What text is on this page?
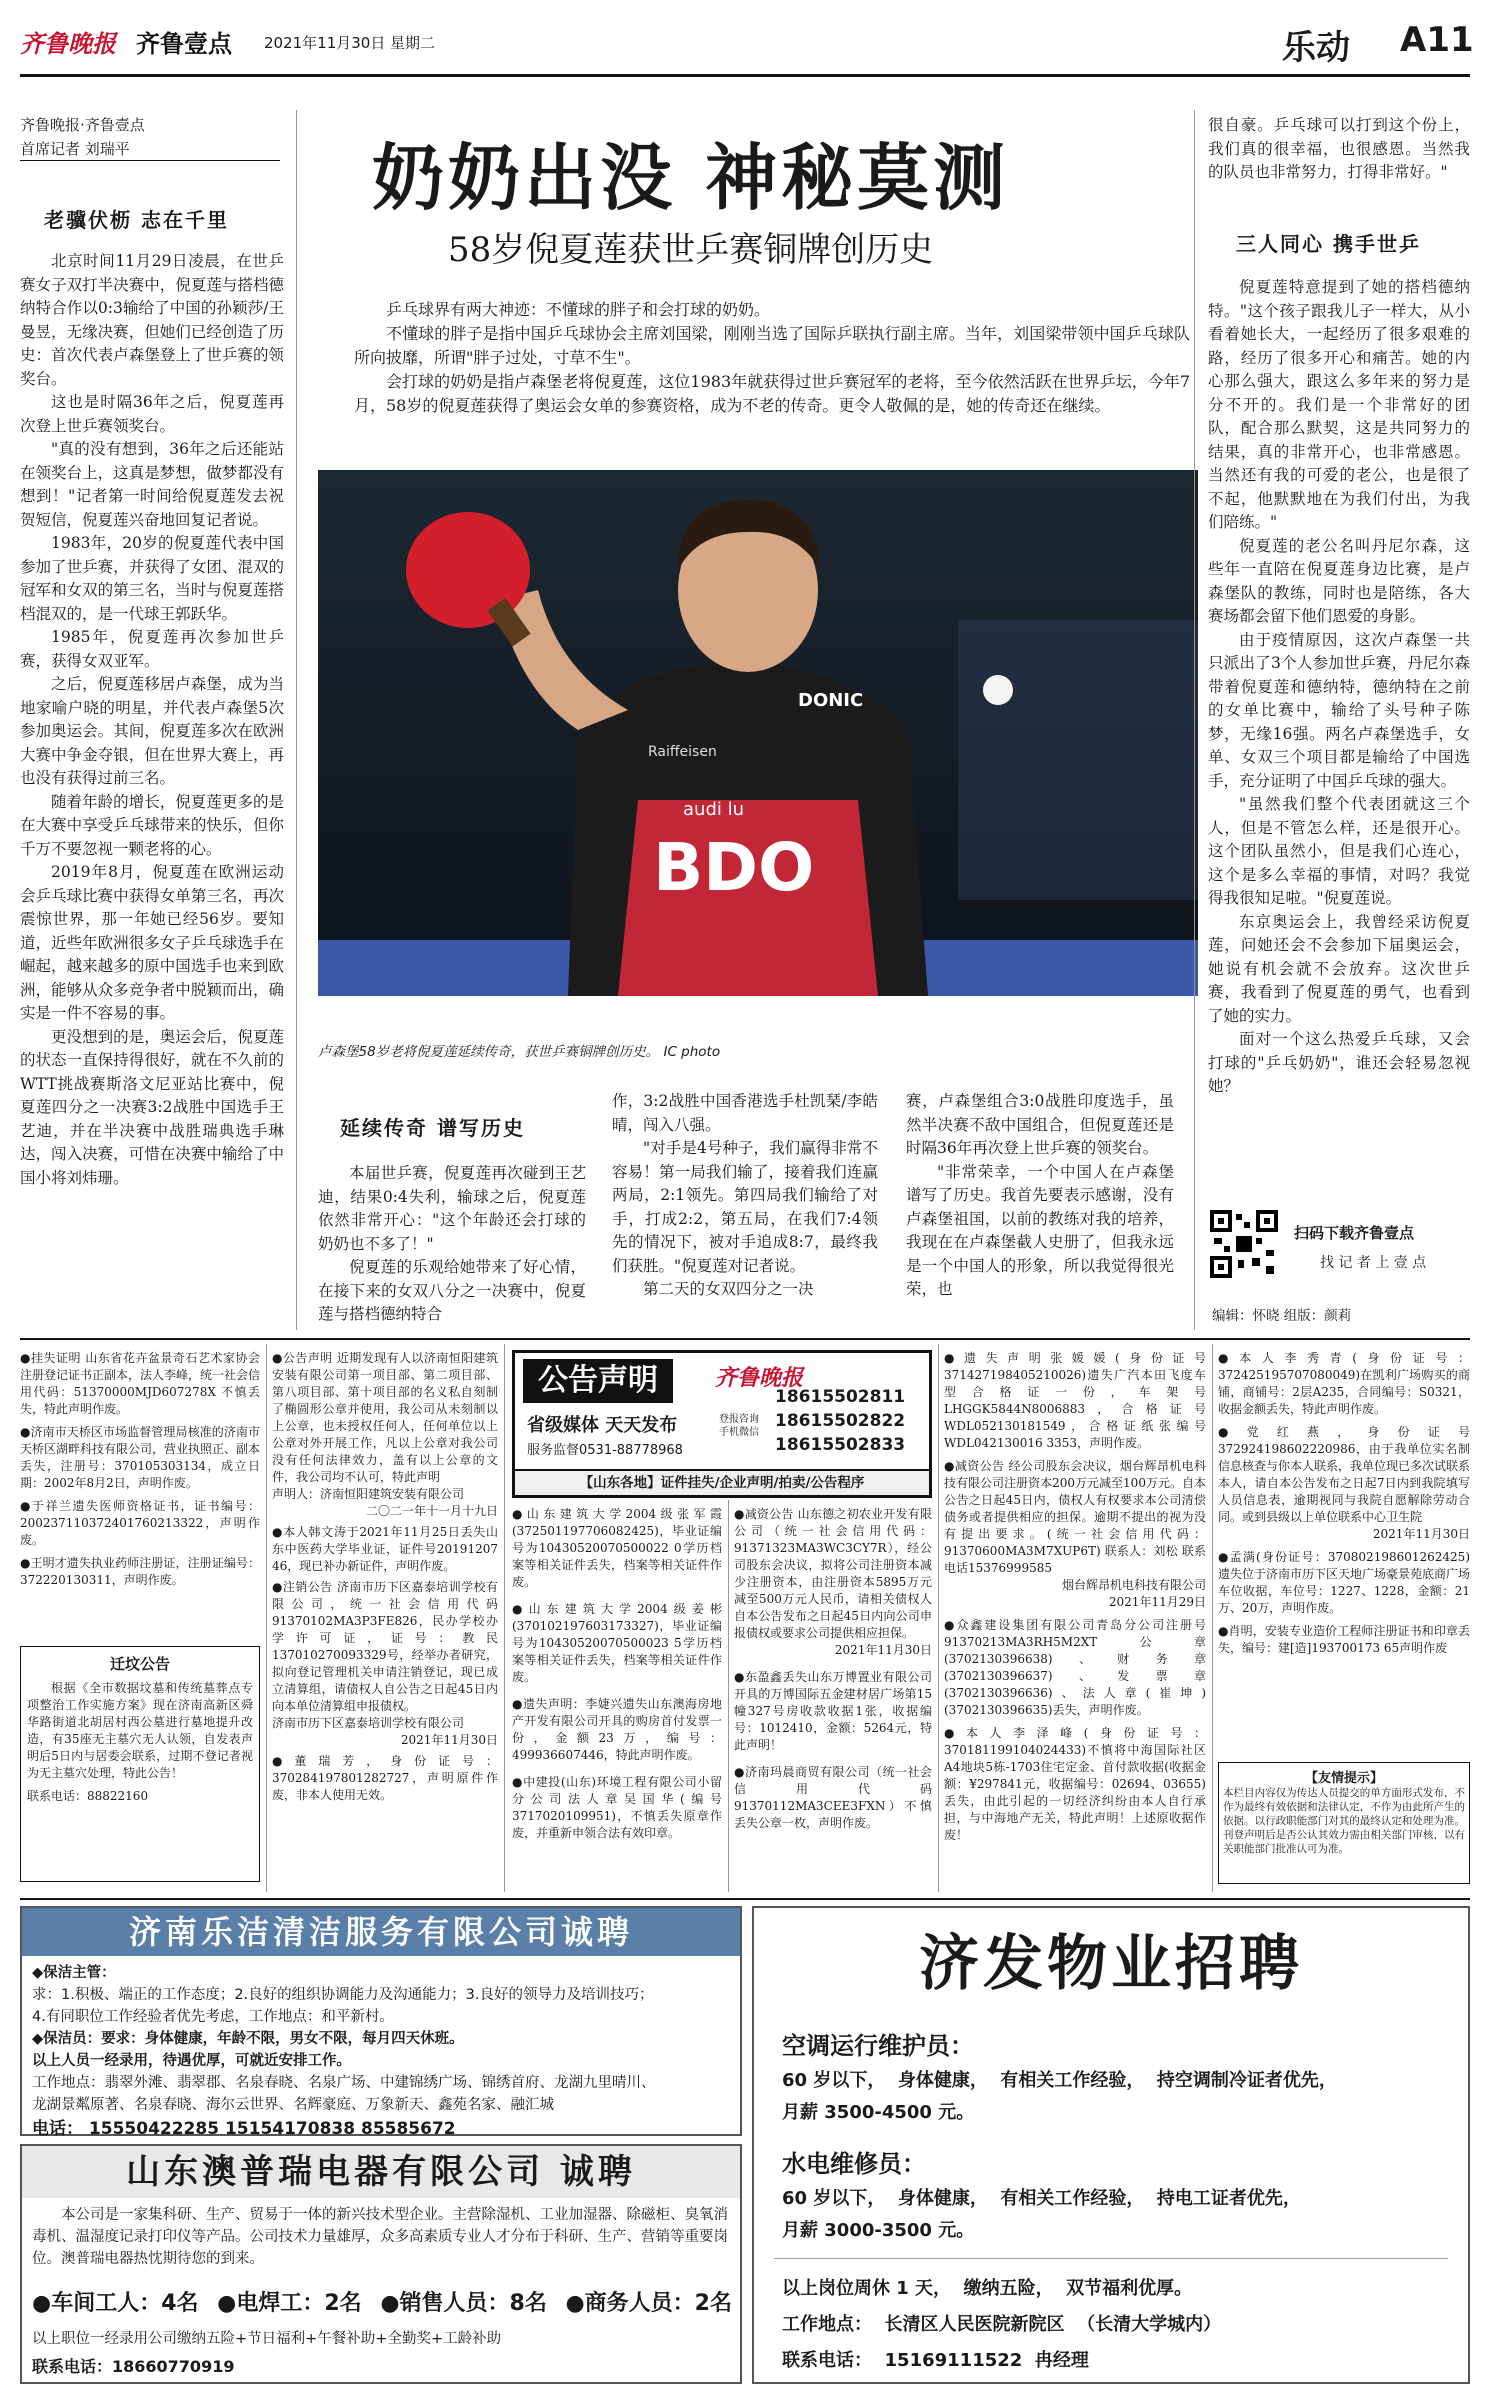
齐鲁晚报 齐鲁壹点 2021年11月30日 星期二	乐动 A11
齐鲁晚报·齐鲁壹点
首席记者 刘瑞平
老骥伏枥 志在千里

北京时间11月29日凌晨，在世乒赛女子双打半决赛中，倪夏莲与搭档德纳特合作以0:3输给了中国的孙颖莎/王曼昱，无缘决赛，但她们已经创造了历史：首次代表卢森堡登上了世乒赛的领奖台。

这也是时隔36年之后，倪夏莲再次登上世乒赛领奖台。

"真的没有想到，36年之后还能站在领奖台上，这真是梦想，做梦都没有想到！"记者第一时间给倪夏莲发去祝贺短信，倪夏莲兴奋地回复记者说。

1983年，20岁的倪夏莲代表中国参加了世乒赛，并获得了女团、混双的冠军和女双的第三名，当时与倪夏莲搭档混双的，是一代球王郭跃华。

1985年，倪夏莲再次参加世乒赛，获得女双亚军。

之后，倪夏莲移居卢森堡，成为当地家喻户晓的明星，并代表卢森堡5次参加奥运会。其间，倪夏莲多次在欧洲大赛中争金夺银，但在世界大赛上，再也没有获得过前三名。

随着年龄的增长，倪夏莲更多的是在大赛中享受乒乓球带来的快乐，但你千万不要忽视一颗老将的心。

2019年8月，倪夏莲在欧洲运动会乒乓球比赛中获得女单第三名，再次震惊世界，那一年她已经56岁。要知道，近些年欧洲很多女子乒乓球选手在崛起，越来越多的原中国选手也来到欧洲，能够从众多竞争者中脱颖而出，确实是一件不容易的事。

更没想到的是，奥运会后，倪夏莲的状态一直保持得很好，就在不久前的WTT挑战赛斯洛文尼亚站比赛中，倪夏莲四分之一决赛3:2战胜中国选手王艺迪，并在半决赛中战胜瑞典选手琳达，闯入决赛，可惜在决赛中输给了中国小将刘炜珊。

奶奶出没 神秘莫测
58岁倪夏莲获世乒赛铜牌创历史

乒乓球界有两大神迹：不懂球的胖子和会打球的奶奶。

不懂球的胖子是指中国乒乓球协会主席刘国梁，刚刚当选了国际乒联执行副主席。当年，刘国梁带领中国乒乓球队所向披靡，所谓"胖子过处，寸草不生"。

会打球的奶奶是指卢森堡老将倪夏莲，这位1983年就获得过世乒赛冠军的老将，至今依然活跃在世界乒坛，今年7月，58岁的倪夏莲获得了奥运会女单的参赛资格，成为不老的传奇。更令人敬佩的是，她的传奇还在继续。

Raiffeisen
DONIC
audi lu
BDO
卢森堡58岁老将倪夏莲延续传奇，获世乒赛铜牌创历史。 IC photo
延续传奇 谱写历史

本届世乒赛，倪夏莲再次碰到王艺迪，结果0:4失利，输球之后，倪夏莲依然非常开心："这个年龄还会打球的奶奶也不多了！"

倪夏莲的乐观给她带来了好心情，在接下来的女双八分之一决赛中，倪夏莲与搭档德纳特合

作，3:2战胜中国香港选手杜凯琹/李皓晴，闯入八强。

"对手是4号种子，我们赢得非常不容易！第一局我们输了，接着我们连赢两局，2:1领先。第四局我们输给了对手，打成2:2，第五局，在我们7:4领先的情况下，被对手追成8:7，最终我们获胜。"倪夏莲对记者说。

第二天的女双四分之一决

赛，卢森堡组合3:0战胜印度选手，虽然半决赛不敌中国组合，但倪夏莲还是时隔36年再次登上世乒赛的领奖台。

"非常荣幸，一个中国人在卢森堡谱写了历史。我首先要表示感谢，没有卢森堡祖国，以前的教练对我的培养，我现在在卢森堡截人史册了，但我永远是一个中国人的形象，所以我觉得很光荣，也

很自豪。乒乓球可以打到这个份上，我们真的很幸福，也很感恩。当然我的队员也非常努力，打得非常好。"
三人同心 携手世乒

倪夏莲特意提到了她的搭档德纳特。"这个孩子跟我儿子一样大，从小看着她长大，一起经历了很多艰难的路，经历了很多开心和痛苦。她的内心那么强大，跟这么多年来的努力是分不开的。我们是一个非常好的团队，配合那么默契，这是共同努力的结果，真的非常开心，也非常感恩。当然还有我的可爱的老公，也是很了不起，他默默地在为我们付出，为我们陪练。"

倪夏莲的老公名叫丹尼尔森，这些年一直陪在倪夏莲身边比赛，是卢森堡队的教练，同时也是陪练，各大赛场都会留下他们恩爱的身影。

由于疫情原因，这次卢森堡一共只派出了3个人参加世乒赛，丹尼尔森带着倪夏莲和德纳特，德纳特在之前的女单比赛中，输给了头号种子陈梦，无缘16强。两名卢森堡选手，女单、女双三个项目都是输给了中国选手，充分证明了中国乒乓球的强大。

"虽然我们整个代表团就这三个人，但是不管怎么样，还是很开心。这个团队虽然小，但是我们心连心，这个是多么幸福的事情，对吗？我觉得我很知足啦。"倪夏莲说。

东京奥运会上，我曾经采访倪夏莲，问她还会不会参加下届奥运会，她说有机会就不会放弃。这次世乒赛，我看到了倪夏莲的勇气，也看到了她的实力。

面对一个这么热爱乒乓球，又会打球的"乒乓奶奶"，谁还会轻易忽视她？

扫码下载齐鲁壹点
找 记 者 上 壹 点
编辑：怀晓 组版：颜莉

●挂失证明 山东省花卉盆景奇石艺术家协会注册登记证书正副本，法人李峰，统一社会信用代码：51370000MJD607278X 不慎丢失，特此声明作废。

●济南市天桥区市场监督管理局核准的济南市天桥区湖畔科技有限公司，营业执照正、副本丢失，注册号：370105303134，成立日期：2002年8月2日，声明作废。

●于祥兰遗失医师资格证书，证书编号：200237110372401760213322，声明作废。

●王明才遗失执业药师注册证，注册证编号：372220130311，声明作废。

迁坟公告

根据《全市数据坟墓和传统墓葬点专项整治工作实施方案》现在济南高新区舜华路街道北胡居村西公墓进行墓地提升改造，有35座无主墓穴无人认领，自发表声明后5日内与居委会联系，过期不登记者视为无主墓穴处理，特此公告！

联系电话：88822160

●公告声明 近期发现有人以济南恒阳建筑安装有限公司第一项目部、第二项目部、第八项目部、第十项目部的名义私自刻制了椭圆形公章并使用，我公司从未刻制以上公章，也未授权任何人，任何单位以上公章对外开展工作，凡以上公章对我公司没有任何法律效力，盖有以上公章的文件，我公司均不认可，特此声明

声明人：济南恒阳建筑安装有限公司

二〇二一年十一月十九日

●本人韩文涛于2021年11月25日丢失山东中医药大学毕业证，证件号20191207 46，现已补办新证件，声明作废。

●注销公告 济南市历下区嘉泰培训学校有限公司，统一社会信用代码91370102MA3P3FE826，民办学校办学许可证，证号：教民137010270093329号，经举办者研究，拟向登记管理机关申请注销登记，现已成立清算组，请债权人自公告之日起45日内向本单位清算组申报债权。

济南市历下区嘉泰培训学校有限公司

2021年11月30日

●董瑞芳，身份证号：370284197801282727，声明原件作废，非本人使用无效。

公告声明	齐鲁晚报
省级媒体 天天发布
服务监督0531-88778968
登报咨询 手机微信
18615502811
18615502822
18615502833
【山东各地】证件挂失/企业声明/拍卖/公告程序

●山东建筑大学2004级张军霞(372501197706082425)，毕业证编号为10430520070500022 0学历档案等相关证件丢失，档案等相关证件作废。

●山东建筑大学2004级姜彬(370102197603173327)，毕业证编号为10430520070500023 5学历档案等相关证件丢失，档案等相关证件作废。

●遗失声明：李婕兴遗失山东澳海房地产开发有限公司开具的购房首付发票一份，金额23万，编号：499936607446，特此声明作废。

●中建投(山东)环境工程有限公司小留分公司法人章吴国华(编号3717020109951)，不慎丢失原章作废，并重新申领合法有效印章。

●减资公告 山东德之初农业开发有限公司（统一社会信用代码：91371323MA3WC3CY7R），经公司股东会决议，拟将公司注册资本减少注册资本，由注册资本5895万元减至500万元人民币，请相关债权人自本公告发布之日起45日内向公司申报债权或要求公司提供相应担保。

2021年11月30日

●东盈鑫丢失山东万博置业有限公司开具的万博国际五金建材居广场第15幢327号房收款收据1张，收据编号：1012410，金额：5264元，特此声明！

●济南玛晨商贸有限公司（统一社会信用代码91370112MA3CEE3FXN）不慎丢失公章一枚，声明作废。

●遗失声明张媛媛(身份证号371427198405210026)遗失广汽本田飞度车型合格证一份，车架号LHGGK5844N8006883，合格证号WDL052130181549，合格证纸张编号WDL042130016 3353，声明作废。

●减资公告 经公司股东会决议，烟台辉昂机电科技有限公司注册资本200万元减至100万元。自本公告之日起45日内，债权人有权要求本公司清偿债务或者提供相应的担保。逾期不提出的视为没有提出要求。(统一社会信用代码：91370600MA3M7XUP6T) 联系人：刘松 联系电话15376999585

烟台辉昂机电科技有限公司

2021年11月29日

●众鑫建设集团有限公司青岛分公司注册号91370213MA3RH5M2XT公章(3702130396638)、财务章(3702130396637)、发票章(3702130396636)、法人章(崔坤)(3702130396635)丢失，声明作废。

●本人李泽峰(身份证号：370181199104024433)不慎将中海国际社区A4地块5栋-1703住宅定金、首付款收据(收据金额：¥297841元，收据编号：02694、03655)丢失，由此引起的一切经济纠纷由本人自行承担，与中海地产无关，特此声明！上述原收据作废！

●本人李秀青(身份证号：372425195707080049)在凯利广场购买的商铺，商铺号：2层A235，合同编号：S0321，收据金额丢失，特此声明作废。

●党红燕，身份证号372924198602220986，由于我单位实名制信息核查与你本人联系，我单位现已多次试联系本人，请自本公告发布之日起7日内到我院填写人员信息表，逾期视同与我院自愿解除劳动合同。或到县级以上单位联系中心卫生院

2021年11月30日

●孟满(身份证号：370802198601262425)遗失位于济南市历下区天地广场豪景苑底商广场车位收据，车位号：1227、1228，金额：21万、20万，声明作废。

●肖明，安装专业造价工程师注册证书和印章丢失，编号：建[造]193700173 65声明作废

【友情提示】

本栏目内容仅为传达人员提交的单方面形式发布，不作为最终有效依据和法律认定，不作为由此所产生的依据。以行政职能部门对其的最终认定和处理为准。刊登声明后是否公认其效力需由相关部门审核，以有关职能部门批准认可为准。

济南乐洁清洁服务有限公司诚聘
◆保洁主管：
求：1.积极、端正的工作态度；2.良好的组织协调能力及沟通能力；3.良好的领导力及培训技巧；
4.有同职位工作经验者优先考虑，工作地点：和平新村。
◆保洁员：要求：身体健康，年龄不限，男女不限，每月四天休班。
以上人员一经录用，待遇优厚，可就近安排工作。
工作地点：翡翠外滩、翡翠郡、名泉春晓、名泉广场、中建锦绣广场、锦绣首府、龙湖九里晴川、
龙湖景粼原著、名泉春晓、海尔云世界、名辉豪庭、万象新天、鑫苑名家、融汇城
电话： 15550422285 15154170838 85585672
山东澳普瑞电器有限公司 诚聘

本公司是一家集科研、生产、贸易于一体的新兴技术型企业。主营除湿机、工业加湿器、除磁柜、臭氧消毒机、温湿度记录打印仪等产品。公司技术力量雄厚，众多高素质专业人才分布于科研、生产、营销等重要岗位。澳普瑞电器热忱期待您的到来。

●车间工人：4名 ●电焊工：2名 ●销售人员：8名 ●商务人员：2名
以上职位一经录用公司缴纳五险+节日福利+午餐补助+全勤奖+工龄补助
联系电话：18660770919
济发物业招聘
空调运行维护员：
60 岁以下，  身体健康，  有相关工作经验，  持空调制冷证者优先，
月薪 3500-4500 元。
水电维修员：
60 岁以下，  身体健康，  有相关工作经验，  持电工证者优先，
月薪 3000-3500 元。
以上岗位周休 1 天，  缴纳五险，  双节福利优厚。
工作地点：  长清区人民医院新院区  （长清大学城内）
联系电话：  15169111522  冉经理
